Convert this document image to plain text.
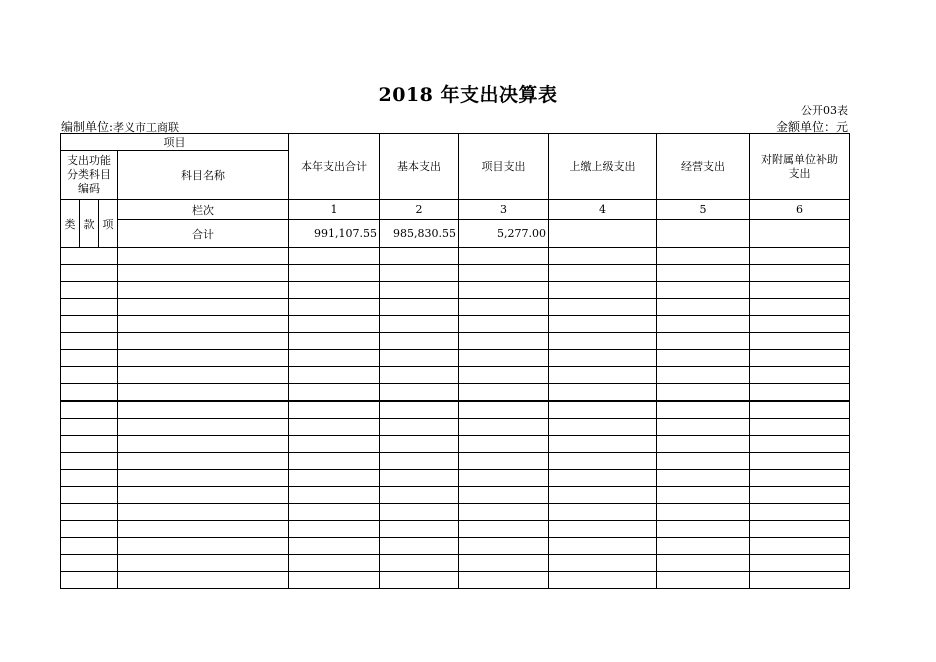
2018 年支出决算表
公开03表
编制单位:孝义市工商联	金额单位：元
项目				本年支出合计	基本支出	项目支出	上缴上级支出	经营支出	对附属单位补助支出
支出功能分类科目编码			科目名称						
类	款	项	栏次	1	2	3	4	5	6
			合计	991,107.55	985,830.55	5,277.00			
